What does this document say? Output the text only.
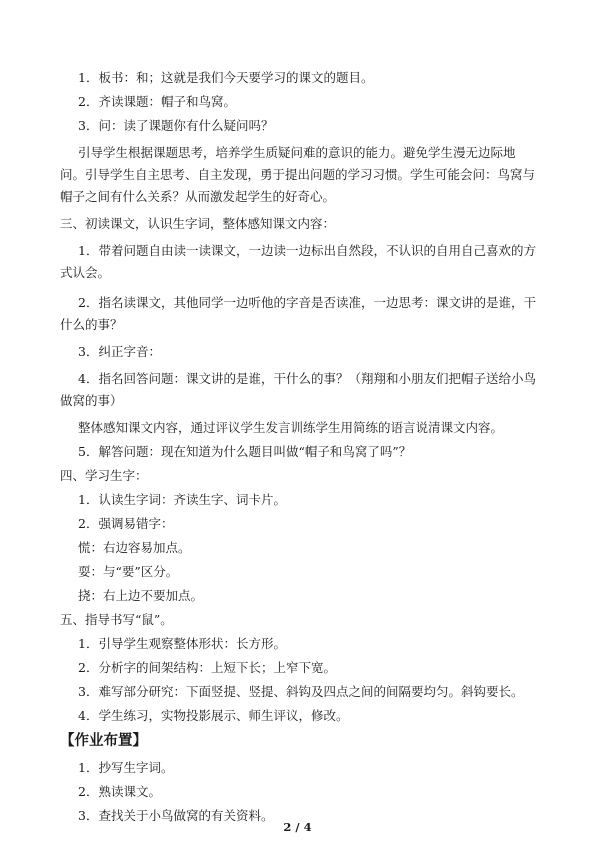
1．板书：和；这就是我们今天要学习的课文的题目。
2．齐读课题：帽子和鸟窝。
3．问：读了课题你有什么疑问吗？
引导学生根据课题思考，培养学生质疑问难的意识的能力。避免学生漫无边际地问。引导学生自主思考、自主发现，勇于提出问题的学习习惯。学生可能会问：鸟窝与帽子之间有什么关系？从而激发起学生的好奇心。
三、初读课文，认识生字词，整体感知课文内容：
1．带着问题自由读一读课文，一边读一边标出自然段，不认识的自用自己喜欢的方式认会。
2．指名读课文，其他同学一边听他的字音是否读准，一边思考：课文讲的是谁，干什么的事？
3．纠正字音：
4．指名回答问题：课文讲的是谁，干什么的事？（翔翔和小朋友们把帽子送给小鸟做窝的事）
整体感知课文内容，通过评议学生发言训练学生用简练的语言说清课文内容。
5．解答问题：现在知道为什么题目叫做“帽子和鸟窝了吗”？
四、学习生字：
1．认读生字词：齐读生字、词卡片。
2．强调易错字：
慌：右边容易加点。
耍：与“要”区分。
挠：右上边不要加点。
五、指导书写“鼠”。
1．引导学生观察整体形状：长方形。
2．分析字的间架结构：上短下长；上窄下宽。
3．难写部分研究：下面竖提、竖提、斜钩及四点之间的间隔要均匀。斜钩要长。
4．学生练习，实物投影展示、师生评议，修改。
【作业布置】
1．抄写生字词。
2．熟读课文。
3．查找关于小鸟做窝的有关资料。
2 / 4
